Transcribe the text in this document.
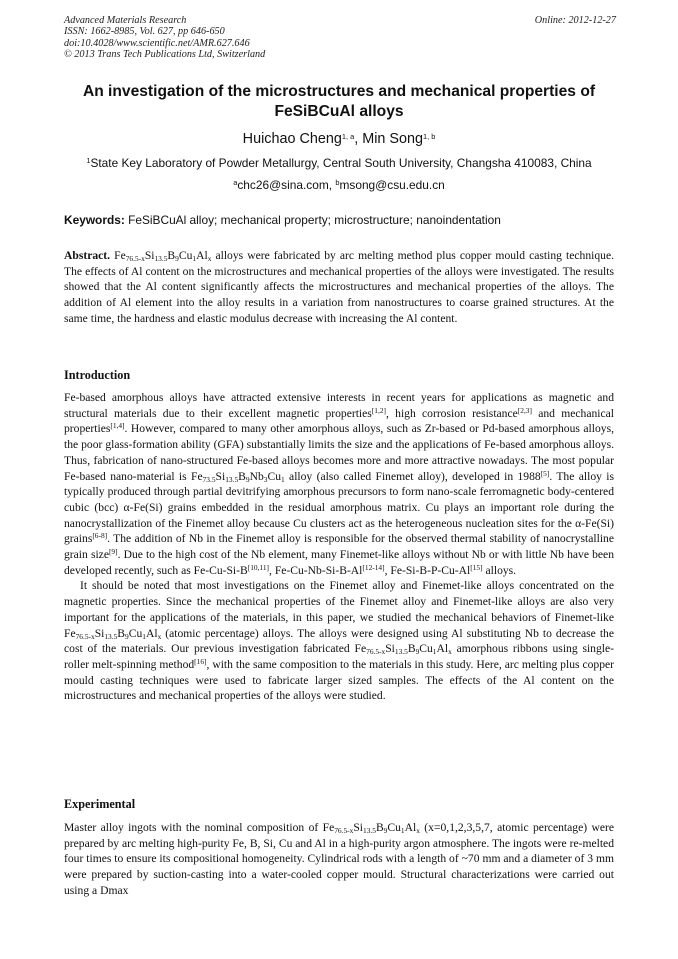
Advanced Materials Research
ISSN: 1662-8985, Vol. 627, pp 646-650
doi:10.4028/www.scientific.net/AMR.627.646
© 2013 Trans Tech Publications Ltd, Switzerland
Online: 2012-12-27
An investigation of the microstructures and mechanical properties of
FeSiBCuAl alloys
Huichao Cheng$^{1, a}$, Min Song$^{1, b}$
$^1$State Key Laboratory of Powder Metallurgy, Central South University, Changsha 410083, China
$^a$chc26@sina.com, $^b$msong@csu.edu.cn
Keywords: FeSiBCuAl alloy; mechanical property; microstructure; nanoindentation

Abstract. $Fe_{76.5-x}Si_{13.5}B_9Cu_1Al_x$ alloys were fabricated by arc melting method plus copper mould casting technique. The effects of Al content on the microstructures and mechanical properties of the alloys were investigated. The results showed that the Al content significantly affects the microstructures and mechanical properties of the alloys. The addition of Al element into the alloy results in a variation from nanostructures to coarse grained structures. At the same time, the hardness and elastic modulus decrease with increasing the Al content.

Introduction

Fe-based amorphous alloys have attracted extensive interests in recent years for applications as magnetic and structural materials due to their excellent magnetic properties[1,2], high corrosion resistance[2,3] and mechanical properties[1,4]. However, compared to many other amorphous alloys, such as Zr-based or Pd-based amorphous alloys, the poor glass-formation ability (GFA) substantially limits the size and the applications of Fe-based amorphous alloys. Thus, fabrication of nano-structured Fe-based alloys becomes more and more attractive nowadays. The most popular Fe-based nano-material is $Fe_{73.5}Si_{13.5}B_9Nb_3Cu_1$ alloy (also called Finemet alloy), developed in 1988[5]. The alloy is typically produced through partial devitrifying amorphous precursors to form nano-scale ferromagnetic body-centered cubic (bcc) α-Fe(Si) grains embedded in the residual amorphous matrix. Cu plays an important role during the nanocrystallization of the Finemet alloy because Cu clusters act as the heterogeneous nucleation sites for the α-Fe(Si) grains[6-8]. The addition of Nb in the Finemet alloy is responsible for the observed thermal stability of nanocrystalline grain size[9]. Due to the high cost of the Nb element, many Finemet-like alloys without Nb or with little Nb have been developed recently, such as Fe-Cu-Si-B[10,11], Fe-Cu-Nb-Si-B-Al[12-14], Fe-Si-B-P-Cu-Al[15] alloys.

It should be noted that most investigations on the Finemet alloy and Finemet-like alloys concentrated on the magnetic properties. Since the mechanical properties of the Finemet alloy and Finemet-like alloys are also very important for the applications of the materials, in this paper, we studied the mechanical behaviors of Finemet-like $Fe_{76.5-x}Si_{13.5}B_9Cu_1Al_x$ (atomic percentage) alloys. The alloys were designed using Al substituting Nb to decrease the cost of the materials. Our previous investigation fabricated $Fe_{76.5-x}Si_{13.5}B_9Cu_1Al_x$ amorphous ribbons using single-roller melt-spinning method[16], with the same composition to the materials in this study. Here, arc melting plus copper mould casting techniques were used to fabricate larger sized samples. The effects of the Al content on the microstructures and mechanical properties of the alloys were studied.

Experimental

Master alloy ingots with the nominal composition of $Fe_{76.5-x}Si_{13.5}B_9Cu_1Al_x$ (x=0,1,2,3,5,7, atomic percentage) were prepared by arc melting high-purity Fe, B, Si, Cu and Al in a high-purity argon atmosphere. The ingots were re-melted four times to ensure its compositional homogeneity. Cylindrical rods with a length of ~70 mm and a diameter of 3 mm were prepared by suction-casting into a water-cooled copper mould. Structural characterizations were carried out using a Dmax
